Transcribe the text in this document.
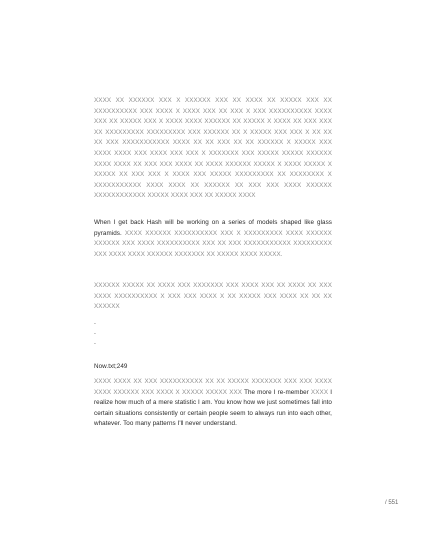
XXXX XX XXXXXX XXX X XXXXXX XXX XX XXXX XX XXXXX XXX XX XXXXXXXXXX XXX XXXX X XXXX XXX XX XXX X XXX XXXXXXXXXX XXXX XXX XX XXXXX XXX X XXXX XXXX XXXXXX XX XXXXX X XXXX XX XXX XXX XX XXXXXXXXX XXXXXXXXX XXX XXXXXX XX X XXXXX XXX XXX X XX XX XX XXX XXXXXXXXXXX XXXX XX XX XXX XX XX XXXXXX X XXXXX XXX XXXX XXXX XXX XXXX XXX XXX X XXXXXXX XXX XXXXX XXXXX XXXXXX XXXX XXXX XX XXX XXX XXXX XX XXXX XXXXXX XXXXX X XXXX XXXXX X XXXXX XX XXX XXX X XXXX XXX XXXXX XXXXXXXXX XX XXXXXXXX X XXXXXXXXXXX XXXX XXXX XX XXXXXX XX XXX XXX XXXX XXXXXX XXXXXXXXXXXX XXXXX XXXX XXX XX XXXXX XXXX

When I get back Hash will be working on a series of models shaped like glass pyramids. XXXX XXXXXX XXXXXXXXXX XXX X XXXXXXXXX XXXX XXXXXX XXXXXX XXX XXXX XXXXXXXXXX XXX XX XXX XXXXXXXXXXX XXXXXXXXX XXX XXXX XXXX XXXXXX XXXXXXX XX XXXXX XXXX XXXXX.

XXXXXX XXXXX XX XXXX XXX XXXXXXX XXX XXXX XXX XX XXXX XX XXX XXXX XXXXXXXXXX X XXX XXX XXXX X XX XXXXX XXX XXXX XX XX XX XXXXXX

.
.
.

Now.txt;249

XXXX XXXX XX XXX XXXXXXXXXX XX XX XXXXX XXXXXXX XXX XXX XXXX XXXX XXXXXX XXX XXXX X XXXXX XXXXX XXX The more I re-member XXXX I realize how much of a mere statistic I am. You know how we just sometimes fall into certain situations consistently or certain people seem to always run into each other, whatever. Too many patterns I'll never understand.

/ 551
